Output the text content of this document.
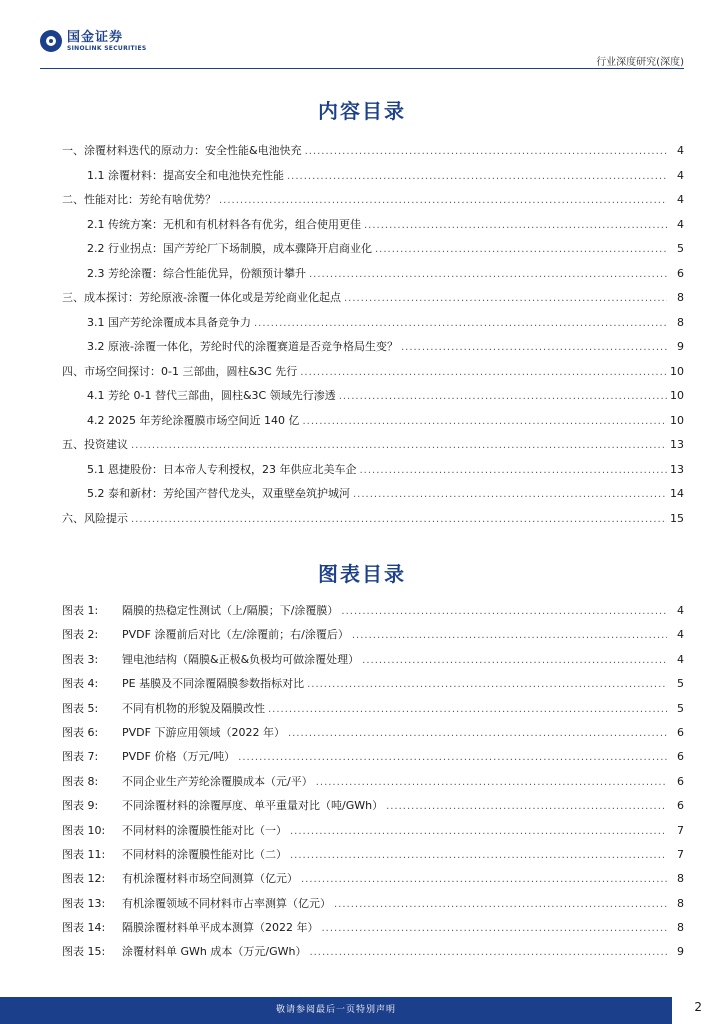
国金证券
SINOLINK SECURITIES
行业深度研究(深度)
内容目录
一、涂覆材料迭代的原动力：安全性能&电池快充 .....	4
1.1 涂覆材料：提高安全和电池快充性能 .....	4
二、性能对比：芳纶有啥优势？ .....	4
2.1 传统方案：无机和有机材料各有优劣，组合使用更佳 .....	4
2.2 行业拐点：国产芳纶厂下场制膜，成本骤降开启商业化 .....	5
2.3 芳纶涂覆：综合性能优异，份额预计攀升 .....	6
三、成本探讨：芳纶原液-涂覆一体化或是芳纶商业化起点 .....	8
3.1 国产芳纶涂覆成本具备竞争力 .....	8
3.2 原液-涂覆一体化，芳纶时代的涂覆赛道是否竞争格局生变？ .....	9
四、市场空间探讨：0-1 三部曲，圆柱&3C 先行 .....	10
4.1 芳纶 0-1 替代三部曲，圆柱&3C 领域先行渗透 .....	10
4.2 2025 年芳纶涂覆膜市场空间近 140 亿 .....	10
五、投资建议 .....	13
5.1 恩捷股份：日本帝人专利授权，23 年供应北美车企 .....	13
5.2 泰和新材：芳纶国产替代龙头，双重壁垒筑护城河 .....	14
六、风险提示 .....	15
图表目录
图表 1: 隔膜的热稳定性测试（上/隔膜；下/涂覆膜） .....	4
图表 2: PVDF 涂覆前后对比（左/涂覆前；右/涂覆后） .....	4
图表 3: 锂电池结构（隔膜&正极&负极均可做涂覆处理） .....	4
图表 4: PE 基膜及不同涂覆隔膜参数指标对比 .....	5
图表 5: 不同有机物的形貌及隔膜改性 .....	5
图表 6: PVDF 下游应用领域（2022 年） .....	6
图表 7: PVDF 价格（万元/吨） .....	6
图表 8: 不同企业生产芳纶涂覆膜成本（元/平） .....	6
图表 9: 不同涂覆材料的涂覆厚度、单平重量对比（吨/GWh） .....	6
图表 10: 不同材料的涂覆膜性能对比（一） .....	7
图表 11: 不同材料的涂覆膜性能对比（二） .....	7
图表 12: 有机涂覆材料市场空间测算（亿元） .....	8
图表 13: 有机涂覆领域不同材料市占率测算（亿元） .....	8
图表 14: 隔膜涂覆材料单平成本测算（2022 年） .....	8
图表 15: 涂覆材料单 GWh 成本（万元/GWh） .....	9
敬请参阅最后一页特别声明	2
